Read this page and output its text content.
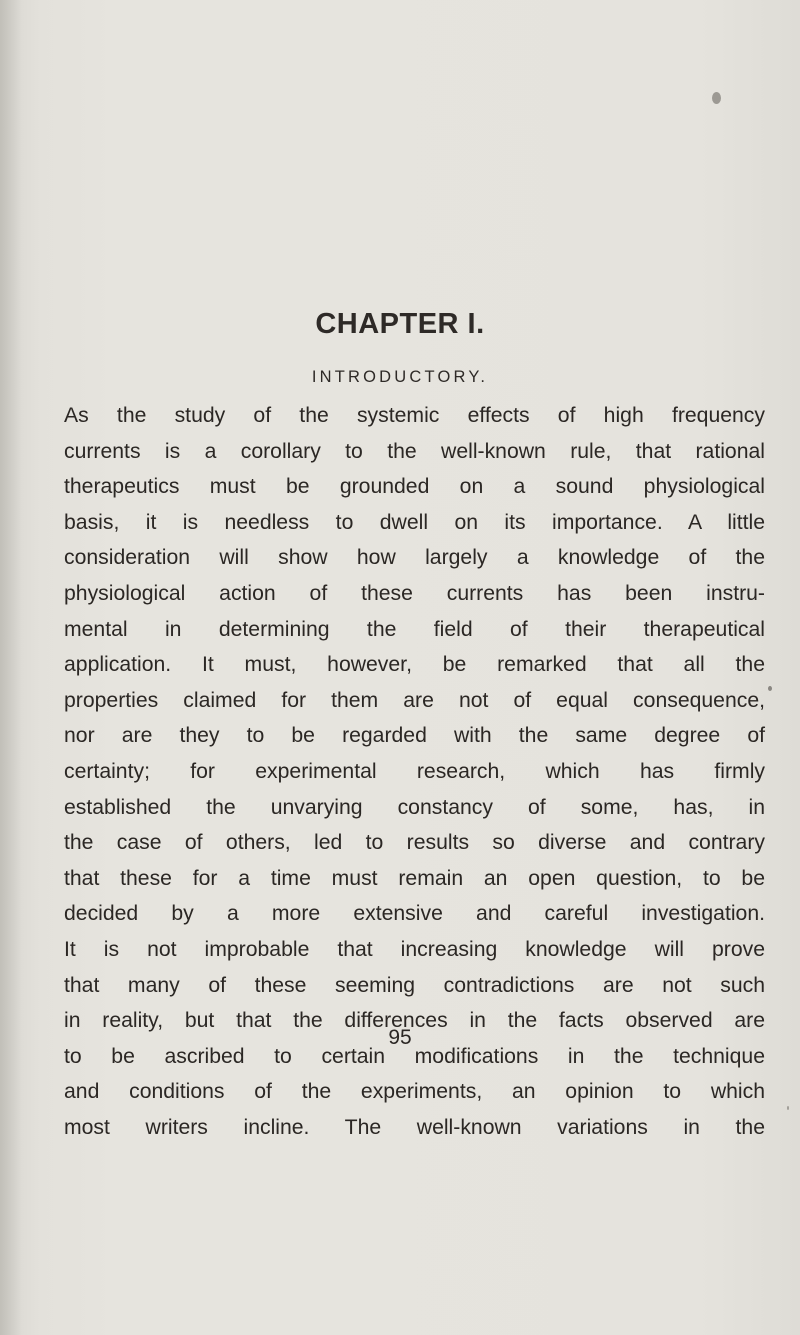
CHAPTER I.
INTRODUCTORY.
As the study of the systemic effects of high frequency
currents is a corollary to the well-known rule, that rational
therapeutics must be grounded on a sound physiological
basis, it is needless to dwell on its importance. A little
consideration will show how largely a knowledge of the
physiological action of these currents has been instru-
mental in determining the field of their therapeutical
application. It must, however, be remarked that all the
properties claimed for them are not of equal consequence,
nor are they to be regarded with the same degree of
certainty; for experimental research, which has firmly
established the unvarying constancy of some, has, in
the case of others, led to results so diverse and contrary
that these for a time must remain an open question, to be
decided by a more extensive and careful investigation.
It is not improbable that increasing knowledge will prove
that many of these seeming contradictions are not such
in reality, but that the differences in the facts observed are
to be ascribed to certain modifications in the technique
and conditions of the experiments, an opinion to which
most writers incline. The well-known variations in the
95
